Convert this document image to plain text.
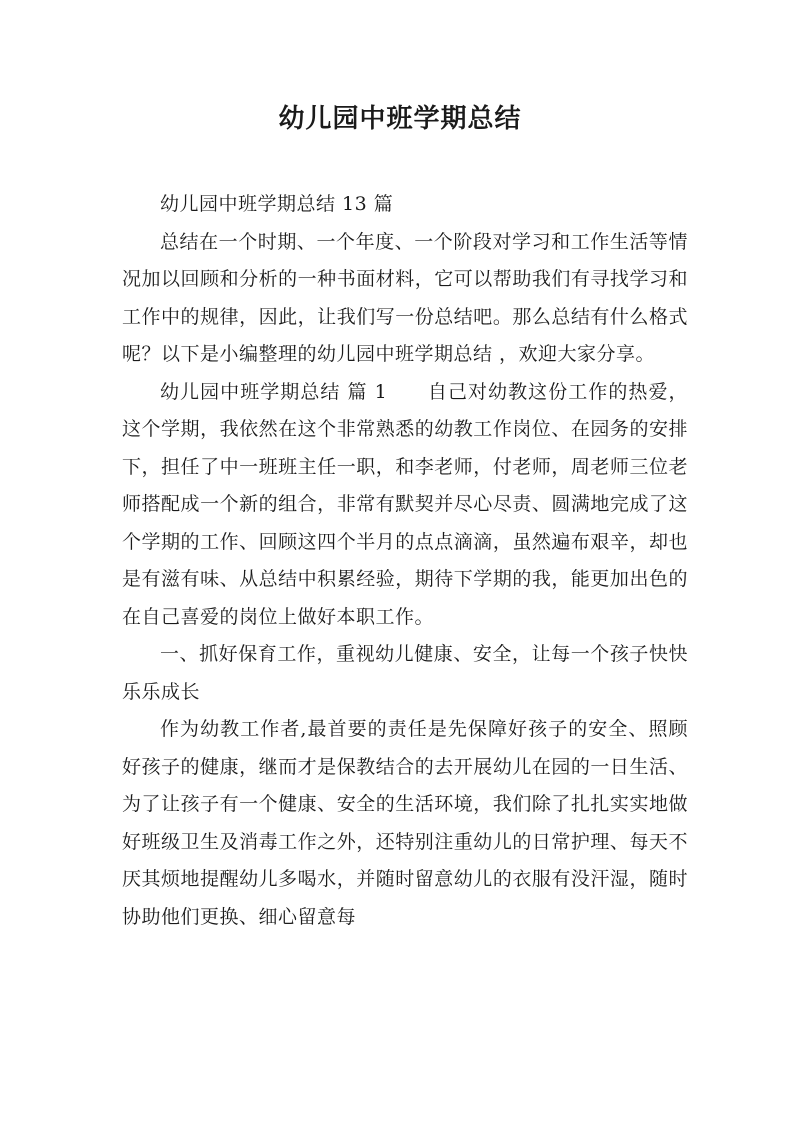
幼儿园中班学期总结

幼儿园中班学期总结 13 篇

总结在一个时期、一个年度、一个阶段对学习和工作生活等情况加以回顾和分析的一种书面材料，它可以帮助我们有寻找学习和工作中的规律，因此，让我们写一份总结吧。那么总结有什么格式呢？以下是小编整理的幼儿园中班学期总结 ，欢迎大家分享。

幼儿园中班学期总结 篇 1　　自己对幼教这份工作的热爱，这个学期，我依然在这个非常熟悉的幼教工作岗位、在园务的安排下，担任了中一班班主任一职，和李老师，付老师，周老师三位老师搭配成一个新的组合，非常有默契并尽心尽责、圆满地完成了这个学期的工作、回顾这四个半月的点点滴滴，虽然遍布艰辛，却也是有滋有味、从总结中积累经验，期待下学期的我，能更加出色的在自己喜爱的岗位上做好本职工作。

一、抓好保育工作，重视幼儿健康、安全，让每一个孩子快快乐乐成长

作为幼教工作者,最首要的责任是先保障好孩子的安全、照顾好孩子的健康，继而才是保教结合的去开展幼儿在园的一日生活、为了让孩子有一个健康、安全的生活环境，我们除了扎扎实实地做好班级卫生及消毒工作之外，还特别注重幼儿的日常护理、每天不厌其烦地提醒幼儿多喝水，并随时留意幼儿的衣服有没汗湿，随时协助他们更换、细心留意每
